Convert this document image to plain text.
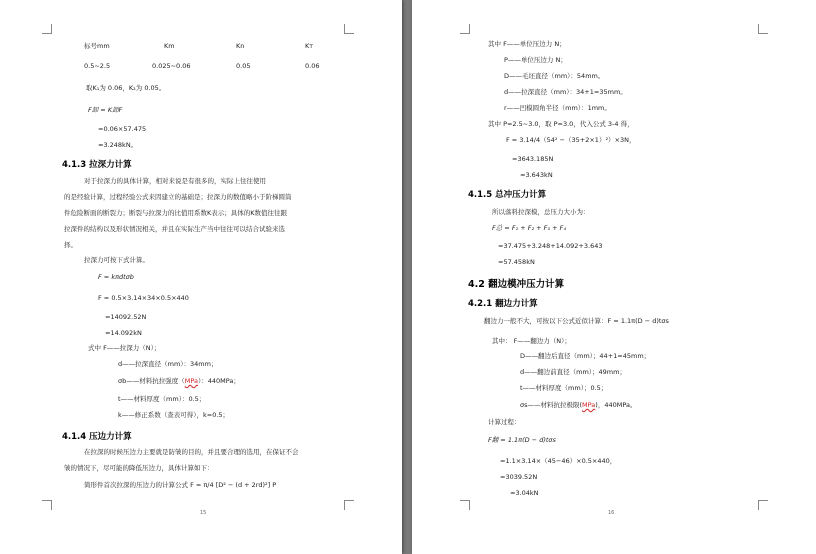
标号mm	Km	Kn	Kт
0.5~2.5	0.025~0.06	0.05	0.06
取K₁为 0.06，K₂为 0.05。
F卸 = K卸F
=0.06×57.475
≈3.248kN。
4.1.3 拉深力计算
对于拉深力的具体计算，相对来说是有很多的，实际上往往使用
的是经验计算，过程经验公式来因建立的基础是；拉深力的数值略小于阶梯圆筒
件危险断面的断裂力；断裂与拉深力的比值用系数K表示；具体的K数值往往跟
拉深件的结构以及形状情况相关，并且在实际生产当中往往可以结合试验来选
择。
拉深力可按下式计算。
F = kπdtσb
F = 0.5×3.14×34×0.5×440
=14092.52N
≈14.092kN
式中 F——拉深力（N）；
d——拉深直径（mm）：34mm；
σb——材料抗拉强度（MPa）：440MPa；
t——材料厚度（mm）：0.5；
k——修正系数（查表可得），k=0.5；
4.1.4 压边力计算
在拉深的时候压边力主要就是防皱的目的，并且要合理的选用，在保证不会
皱的情况下，尽可能的降低压边力，具体计算如下：
简形件首次拉深的压边力的计算公式 F = π/4 [D² − (d + 2rd)²] P
15
其中 F——单位压边力 N；
P——单位压边力 N；
D——毛坯直径（mm）：54mm。
d——拉深直径（mm）：34+1=35mm。
r——凹模圆角半径（mm）：1mm。
其中 P=2.5~3.0，取 P=3.0，代入公式 3-4 得，
F = 3.14/4（54² −（35+2×1）²）×3N，
=3643.185N
≈3.643kN
4.1.5 总冲压力计算
所以落料拉深模，总压力大小为：
F总 = F₁ + F₂ + F₃ + F₄
=37.475+3.248+14.092+3.643
=57.458kN
4.2 翻边模冲压力计算
4.2.1 翻边力计算
翻边力一般不大，可按以下公式近似计算：F = 1.1π(D − d)tσs
其中： F——翻边力（N）；
D——翻边后直径（mm）；44+1=45mm；
d——翻边前直径（mm）；49mm；
t——材料厚度（mm）；0.5；
σs——材料抗拉极限(MPa)，440MPa。
计算过程：
F翻 = 1.1π(D − d)tσs
=1.1×3.14×（45−46）×0.5×440，
=3039.52N
≈3.04kN
16
